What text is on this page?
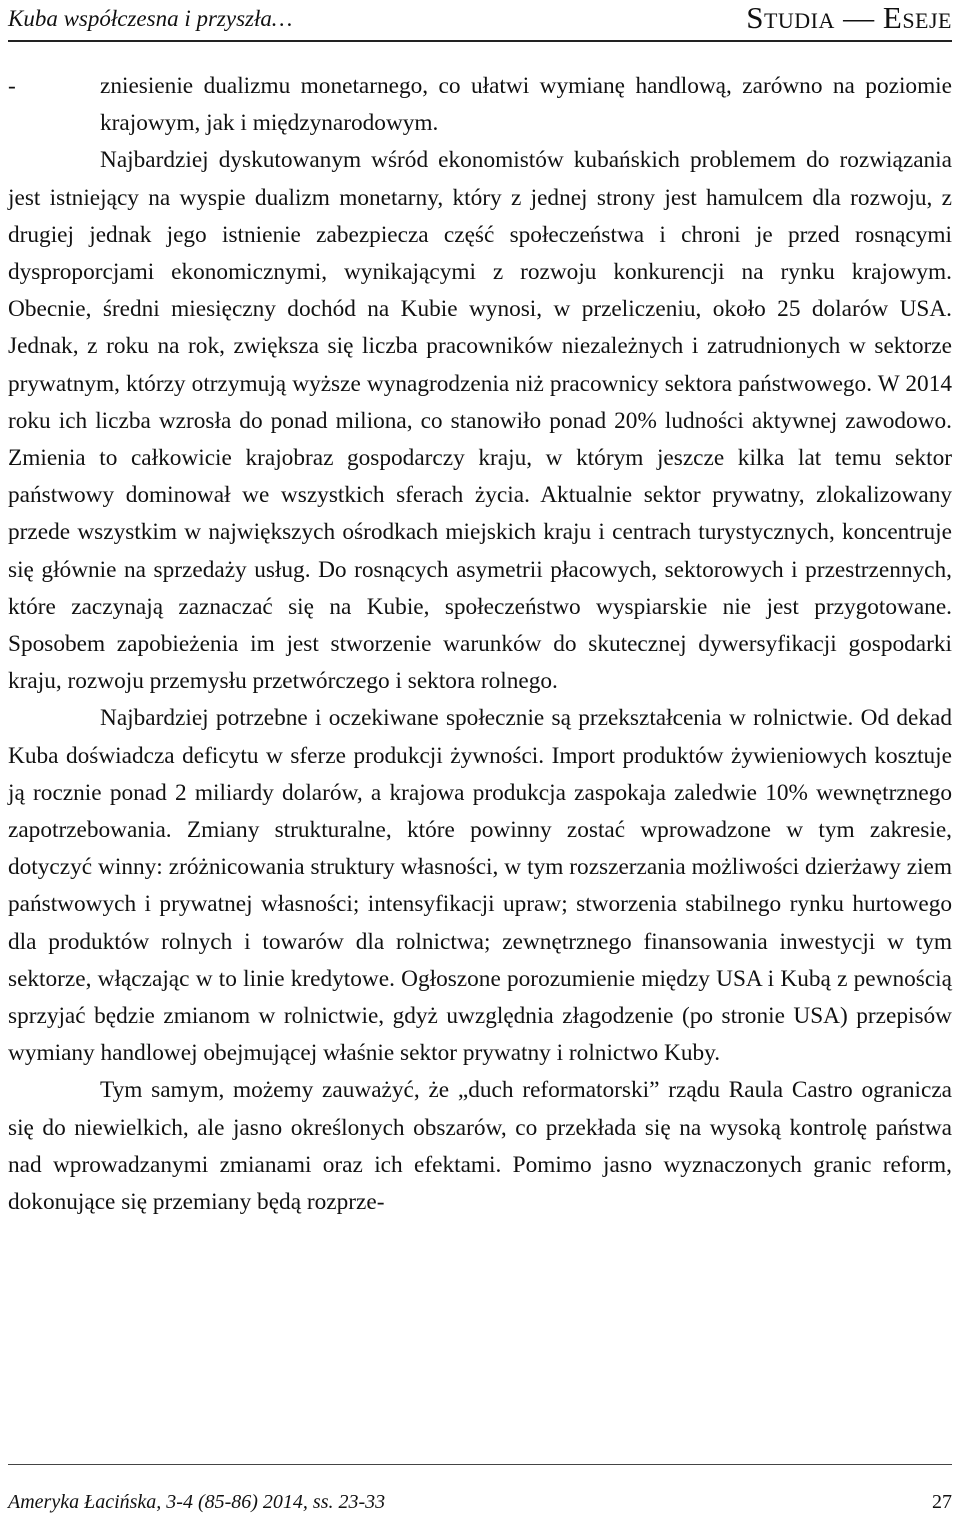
Kuba współczesna i przyszła…	Studia — Eseje
-	zniesienie dualizmu monetarnego, co ułatwi wymianę handlową, zarówno na poziomie krajowym, jak i międzynarodowym.

Najbardziej dyskutowanym wśród ekonomistów kubańskich problemem do rozwiązania jest istniejący na wyspie dualizm monetarny, który z jednej strony jest hamulcem dla rozwoju, z drugiej jednak jego istnienie zabezpiecza część społeczeństwa i chroni je przed rosnącymi dysproporcjami ekonomicznymi, wynikającymi z rozwoju konkurencji na rynku krajowym. Obecnie, średni miesięczny dochód na Kubie wynosi, w przeliczeniu, około 25 dolarów USA. Jednak, z roku na rok, zwiększa się liczba pracowników niezależnych i zatrudnionych w sektorze prywatnym, którzy otrzymują wyższe wynagrodzenia niż pracownicy sektora państwowego. W 2014 roku ich liczba wzrosła do ponad miliona, co stanowiło ponad 20% ludności aktywnej zawodowo. Zmienia to całkowicie krajobraz gospodarczy kraju, w którym jeszcze kilka lat temu sektor państwowy dominował we wszystkich sferach życia. Aktualnie sektor prywatny, zlokalizowany przede wszystkim w największych ośrodkach miejskich kraju i centrach turystycznych, koncentruje się głównie na sprzedaży usług. Do rosnących asymetrii płacowych, sektorowych i przestrzennych, które zaczynają zaznaczać się na Kubie, społeczeństwo wyspiarskie nie jest przygotowane. Sposobem zapobieżenia im jest stworzenie warunków do skutecznej dywersyfikacji gospodarki kraju, rozwoju przemysłu przetwórczego i sektora rolnego.

Najbardziej potrzebne i oczekiwane społecznie są przekształcenia w rolnictwie. Od dekad Kuba doświadcza deficytu w sferze produkcji żywności. Import produktów żywieniowych kosztuje ją rocznie ponad 2 miliardy dolarów, a krajowa produkcja zaspokaja zaledwie 10% wewnętrznego zapotrzebowania. Zmiany strukturalne, które powinny zostać wprowadzone w tym zakresie, dotyczyć winny: zróżnicowania struktury własności, w tym rozszerzania możliwości dzierżawy ziem państwowych i prywatnej własności; intensyfikacji upraw; stworzenia stabilnego rynku hurtowego dla produktów rolnych i towarów dla rolnictwa; zewnętrznego finansowania inwestycji w tym sektorze, włączając w to linie kredytowe. Ogłoszone porozumienie między USA i Kubą z pewnością sprzyjać będzie zmianom w rolnictwie, gdyż uwzględnia złagodzenie (po stronie USA) przepisów wymiany handlowej obejmującej właśnie sektor prywatny i rolnictwo Kuby.

Tym samym, możemy zauważyć, że „duch reformatorski” rządu Raula Castro ogranicza się do niewielkich, ale jasno określonych obszarów, co przekłada się na wysoką kontrolę państwa nad wprowadzanymi zmianami oraz ich efektami. Pomimo jasno wyznaczonych granic reform, dokonujące się przemiany będą rozprze-

Ameryka Łacińska, 3-4 (85-86) 2014, ss. 23-33	27
